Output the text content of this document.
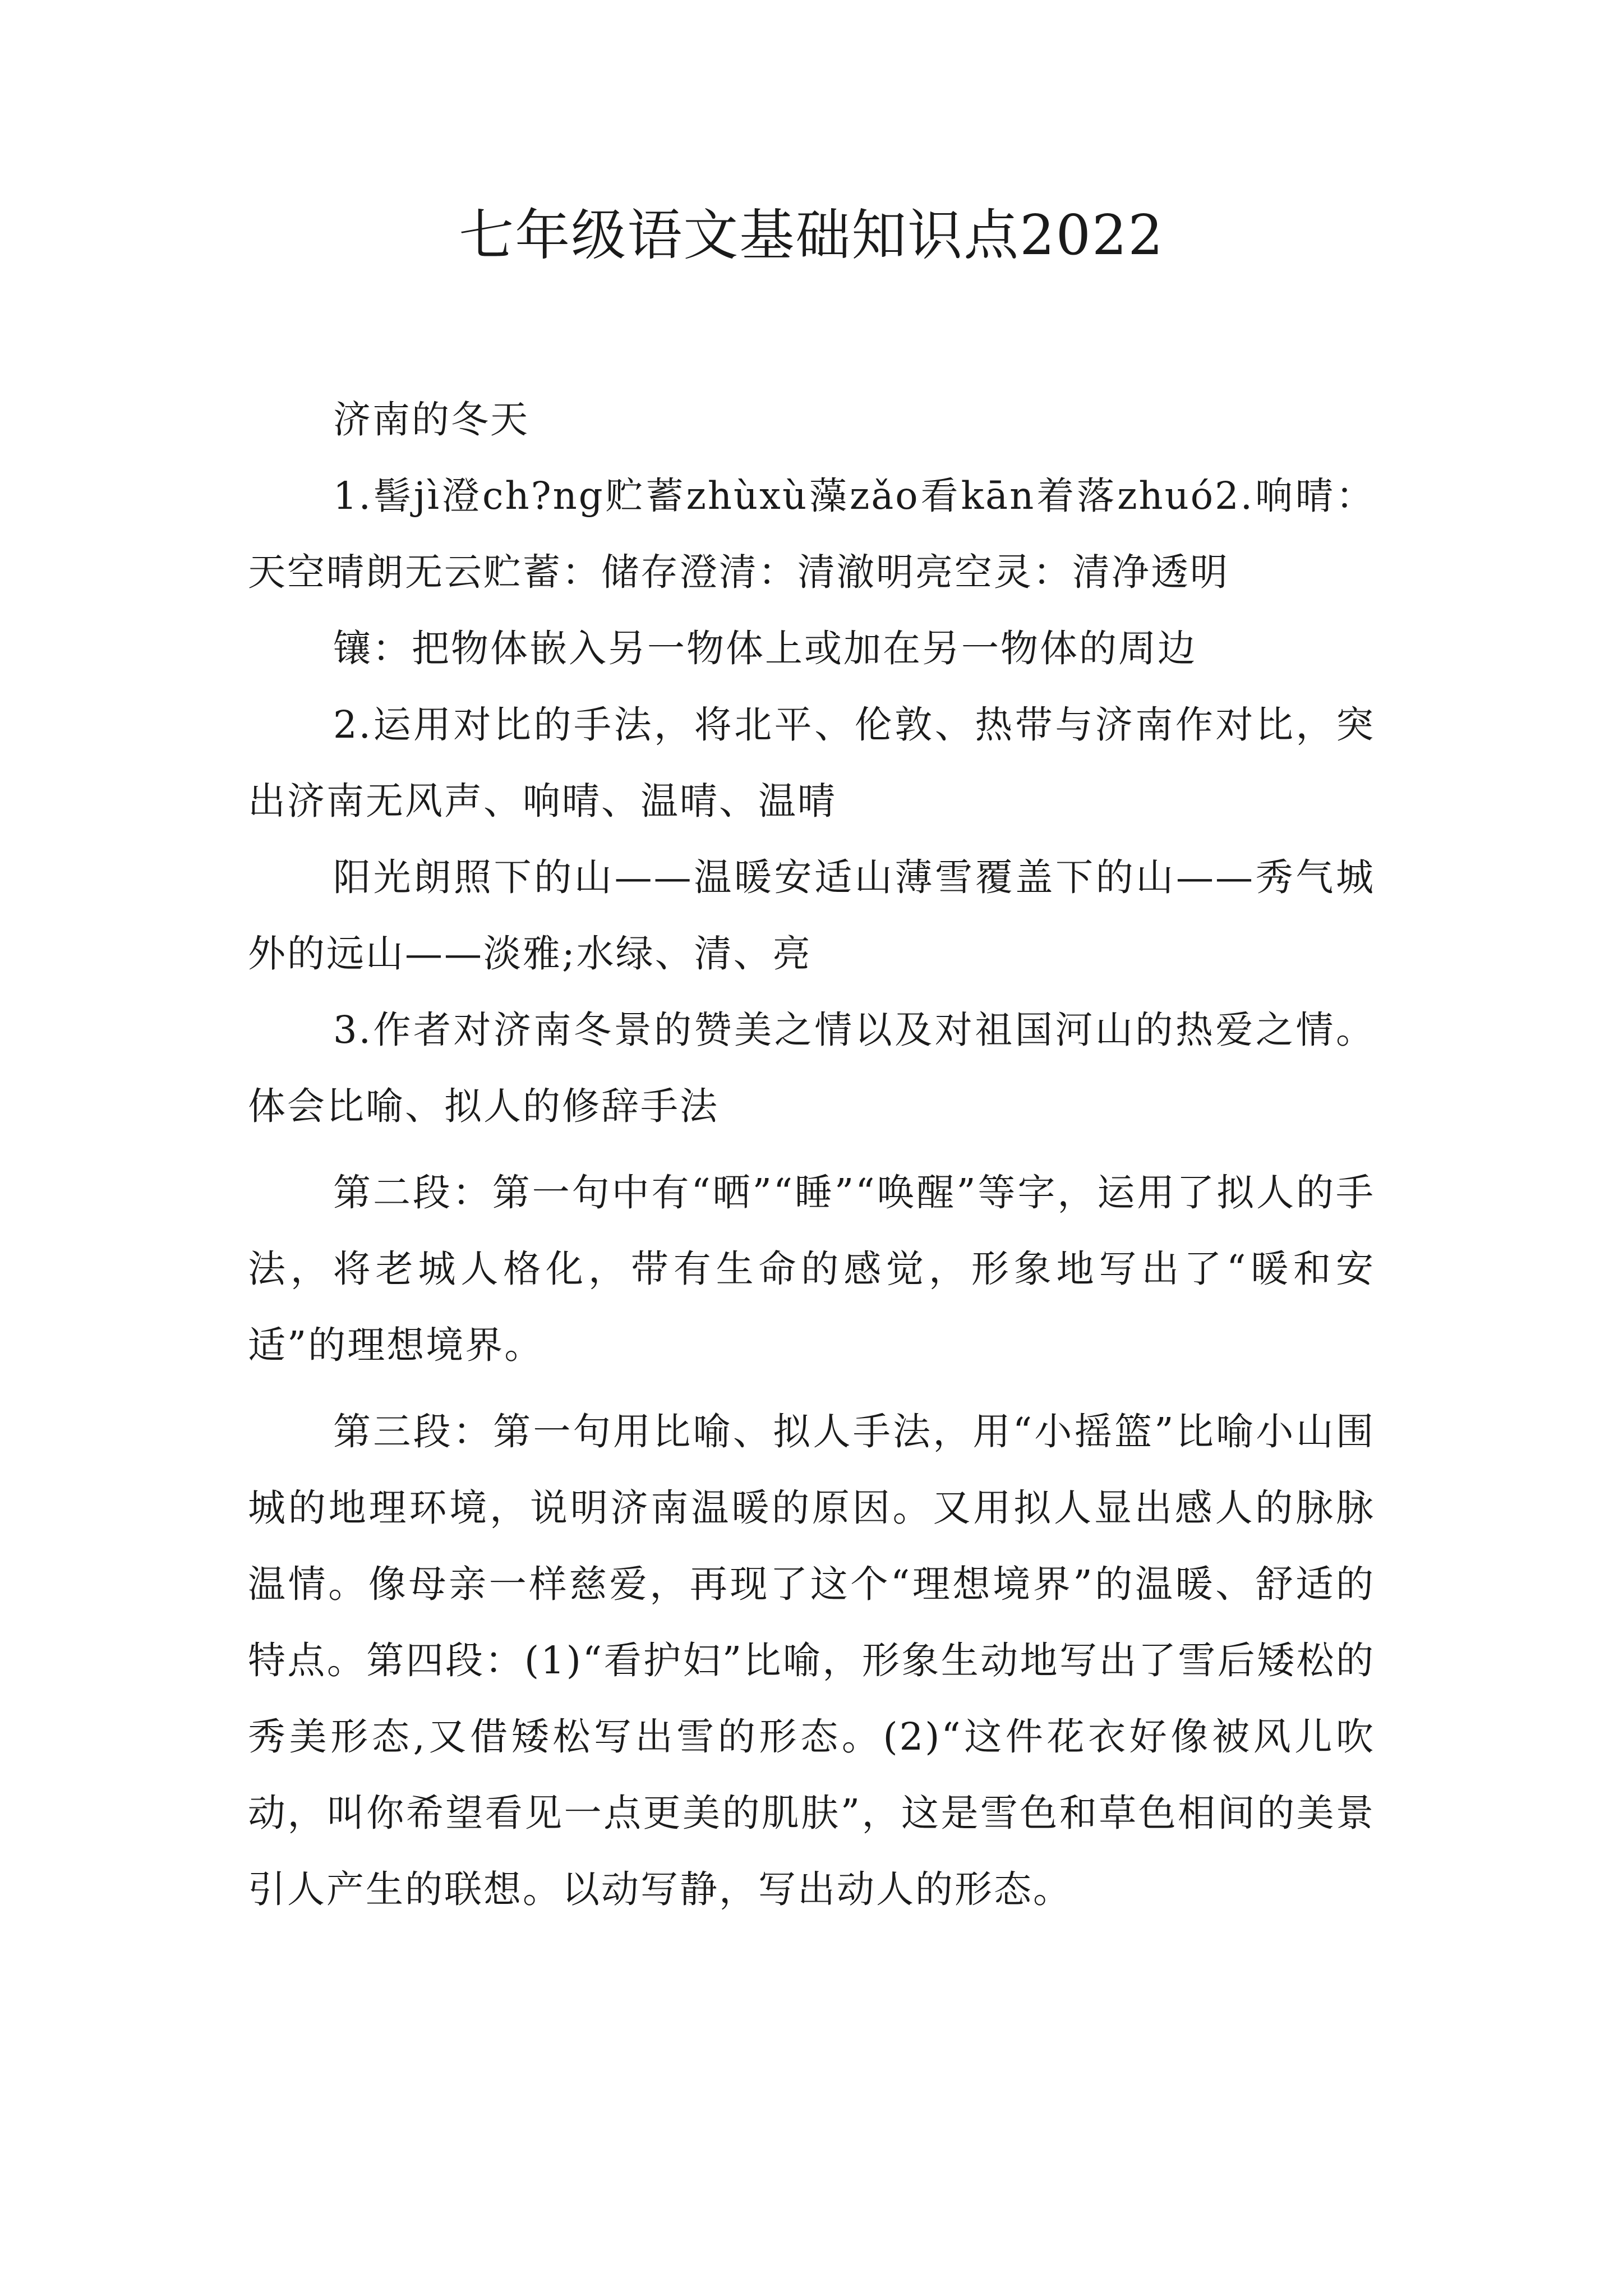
七年级语文基础知识点2022

济南的冬天

1.髻jì澄ch?ng贮蓄zhùxù藻zǎo看kān着落zhuó2.响晴：天空晴朗无云贮蓄：储存澄清：清澈明亮空灵：清净透明

镶：把物体嵌入另一物体上或加在另一物体的周边

2.运用对比的手法，将北平、伦敦、热带与济南作对比，突出济南无风声、响晴、温晴、温晴

阳光朗照下的山——温暖安适山薄雪覆盖下的山——秀气城外的远山——淡雅;水绿、清、亮

3.作者对济南冬景的赞美之情以及对祖国河山的热爱之情。体会比喻、拟人的修辞手法

第二段：第一句中有“晒”“睡”“唤醒”等字，运用了拟人的手法，将老城人格化，带有生命的感觉，形象地写出了“暖和安适”的理想境界。

第三段：第一句用比喻、拟人手法，用“小摇篮”比喻小山围城的地理环境，说明济南温暖的原因。又用拟人显出感人的脉脉温情。像母亲一样慈爱，再现了这个“理想境界”的温暖、舒适的特点。第四段：(1)“看护妇”比喻，形象生动地写出了雪后矮松的秀美形态,又借矮松写出雪的形态。(2)“这件花衣好像被风儿吹动，叫你希望看见一点更美的肌肤”，这是雪色和草色相间的美景引人产生的联想。以动写静，写出动人的形态。
